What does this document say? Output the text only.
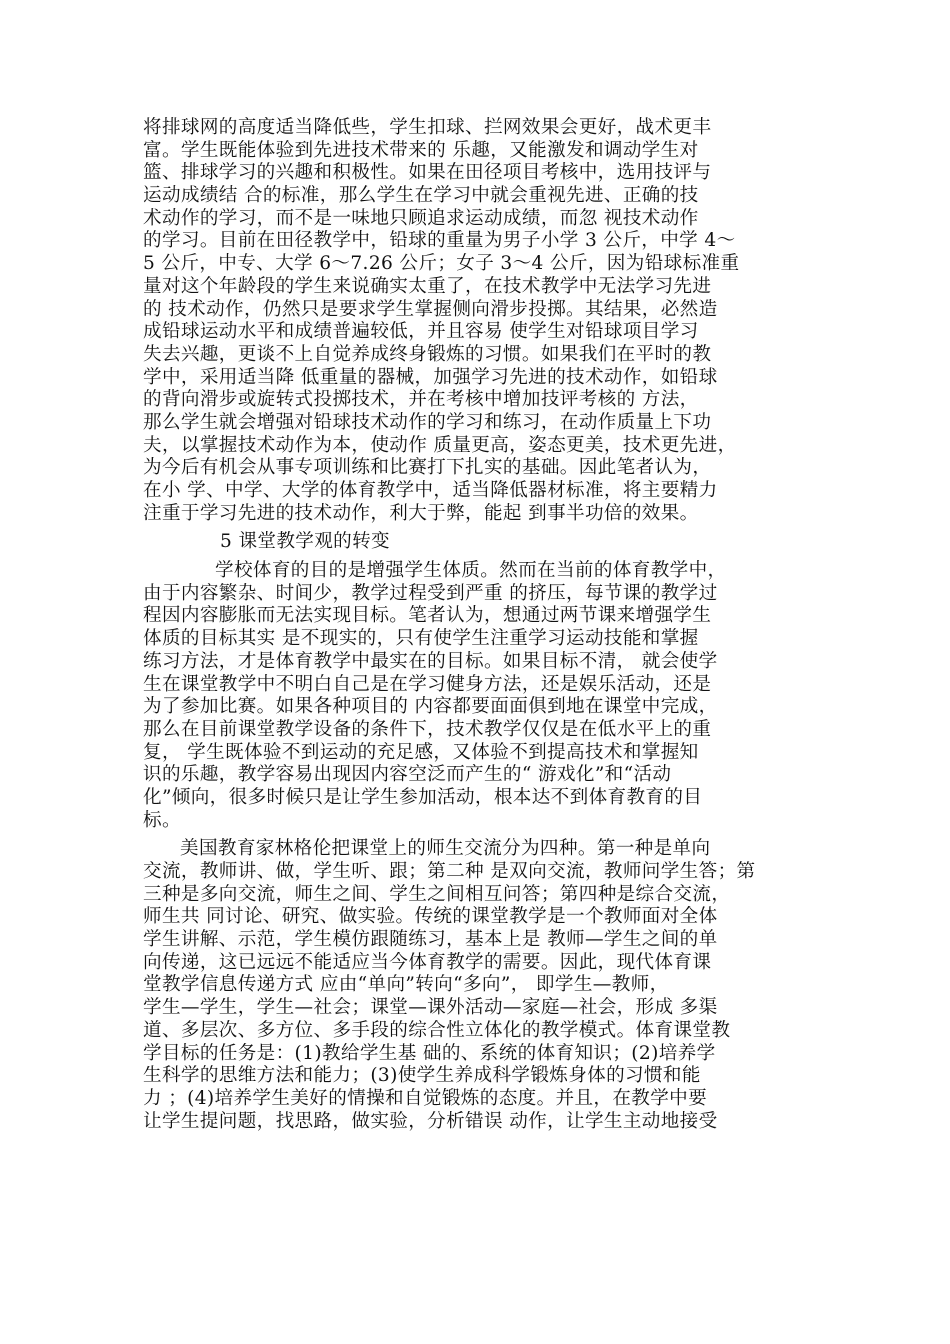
将排球网的高度适当降低些，学生扣球、拦网效果会更好，战术更丰
富。学生既能体验到先进技术带来的 乐趣，又能激发和调动学生对
篮、排球学习的兴趣和积极性。如果在田径项目考核中，选用技评与
运动成绩结 合的标准，那么学生在学习中就会重视先进、正确的技
术动作的学习，而不是一味地只顾追求运动成绩，而忽 视技术动作
的学习。目前在田径教学中，铅球的重量为男子小学 3 公斤，中学 4～
5 公斤，中专、大学 6～7.26 公斤；女子 3～4 公斤，因为铅球标准重
量对这个年龄段的学生来说确实太重了，在技术教学中无法学习先进
的 技术动作，仍然只是要求学生掌握侧向滑步投掷。其结果，必然造
成铅球运动水平和成绩普遍较低，并且容易 使学生对铅球项目学习
失去兴趣，更谈不上自觉养成终身锻炼的习惯。如果我们在平时的教
学中，采用适当降 低重量的器械，加强学习先进的技术动作，如铅球
的背向滑步或旋转式投掷技术，并在考核中增加技评考核的 方法，
那么学生就会增强对铅球技术动作的学习和练习，在动作质量上下功
夫，以掌握技术动作为本，使动作 质量更高，姿态更美，技术更先进，
为今后有机会从事专项训练和比赛打下扎实的基础。因此笔者认为，
在小 学、中学、大学的体育教学中，适当降低器材标准，将主要精力
注重于学习先进的技术动作，利大于弊，能起 到事半功倍的效果。
5 课堂教学观的转变
学校体育的目的是增强学生体质。然而在当前的体育教学中，
由于内容繁杂、时间少，教学过程受到严重 的挤压，每节课的教学过
程因内容膨胀而无法实现目标。笔者认为，想通过两节课来增强学生
体质的目标其实 是不现实的，只有使学生注重学习运动技能和掌握
练习方法，才是体育教学中最实在的目标。如果目标不清， 就会使学
生在课堂教学中不明白自己是在学习健身方法，还是娱乐活动，还是
为了参加比赛。如果各种项目的 内容都要面面俱到地在课堂中完成，
那么在目前课堂教学设备的条件下，技术教学仅仅是在低水平上的重
复， 学生既体验不到运动的充足感，又体验不到提高技术和掌握知
识的乐趣，教学容易出现因内容空泛而产生的“ 游戏化”和“活动
化”倾向，很多时候只是让学生参加活动，根本达不到体育教育的目
标。
美国教育家林格伦把课堂上的师生交流分为四种。第一种是单向
交流，教师讲、做，学生听、跟；第二种 是双向交流，教师问学生答；第
三种是多向交流，师生之间、学生之间相互问答；第四种是综合交流，
师生共 同讨论、研究、做实验。传统的课堂教学是一个教师面对全体
学生讲解、示范，学生模仿跟随练习，基本上是 教师—学生之间的单
向传递，这已远远不能适应当今体育教学的需要。因此，现代体育课
堂教学信息传递方式 应由“单向”转向“多向”， 即学生—教师，
学生—学生，学生—社会；课堂—课外活动—家庭—社会，形成 多渠
道、多层次、多方位、多手段的综合性立体化的教学模式。体育课堂教
学目标的任务是：(1)教给学生基 础的、系统的体育知识；(2)培养学
生科学的思维方法和能力；(3)使学生养成科学锻炼身体的习惯和能
力 ；(4)培养学生美好的情操和自觉锻炼的态度。并且，在教学中要
让学生提问题，找思路，做实验，分析错误 动作，让学生主动地接受
